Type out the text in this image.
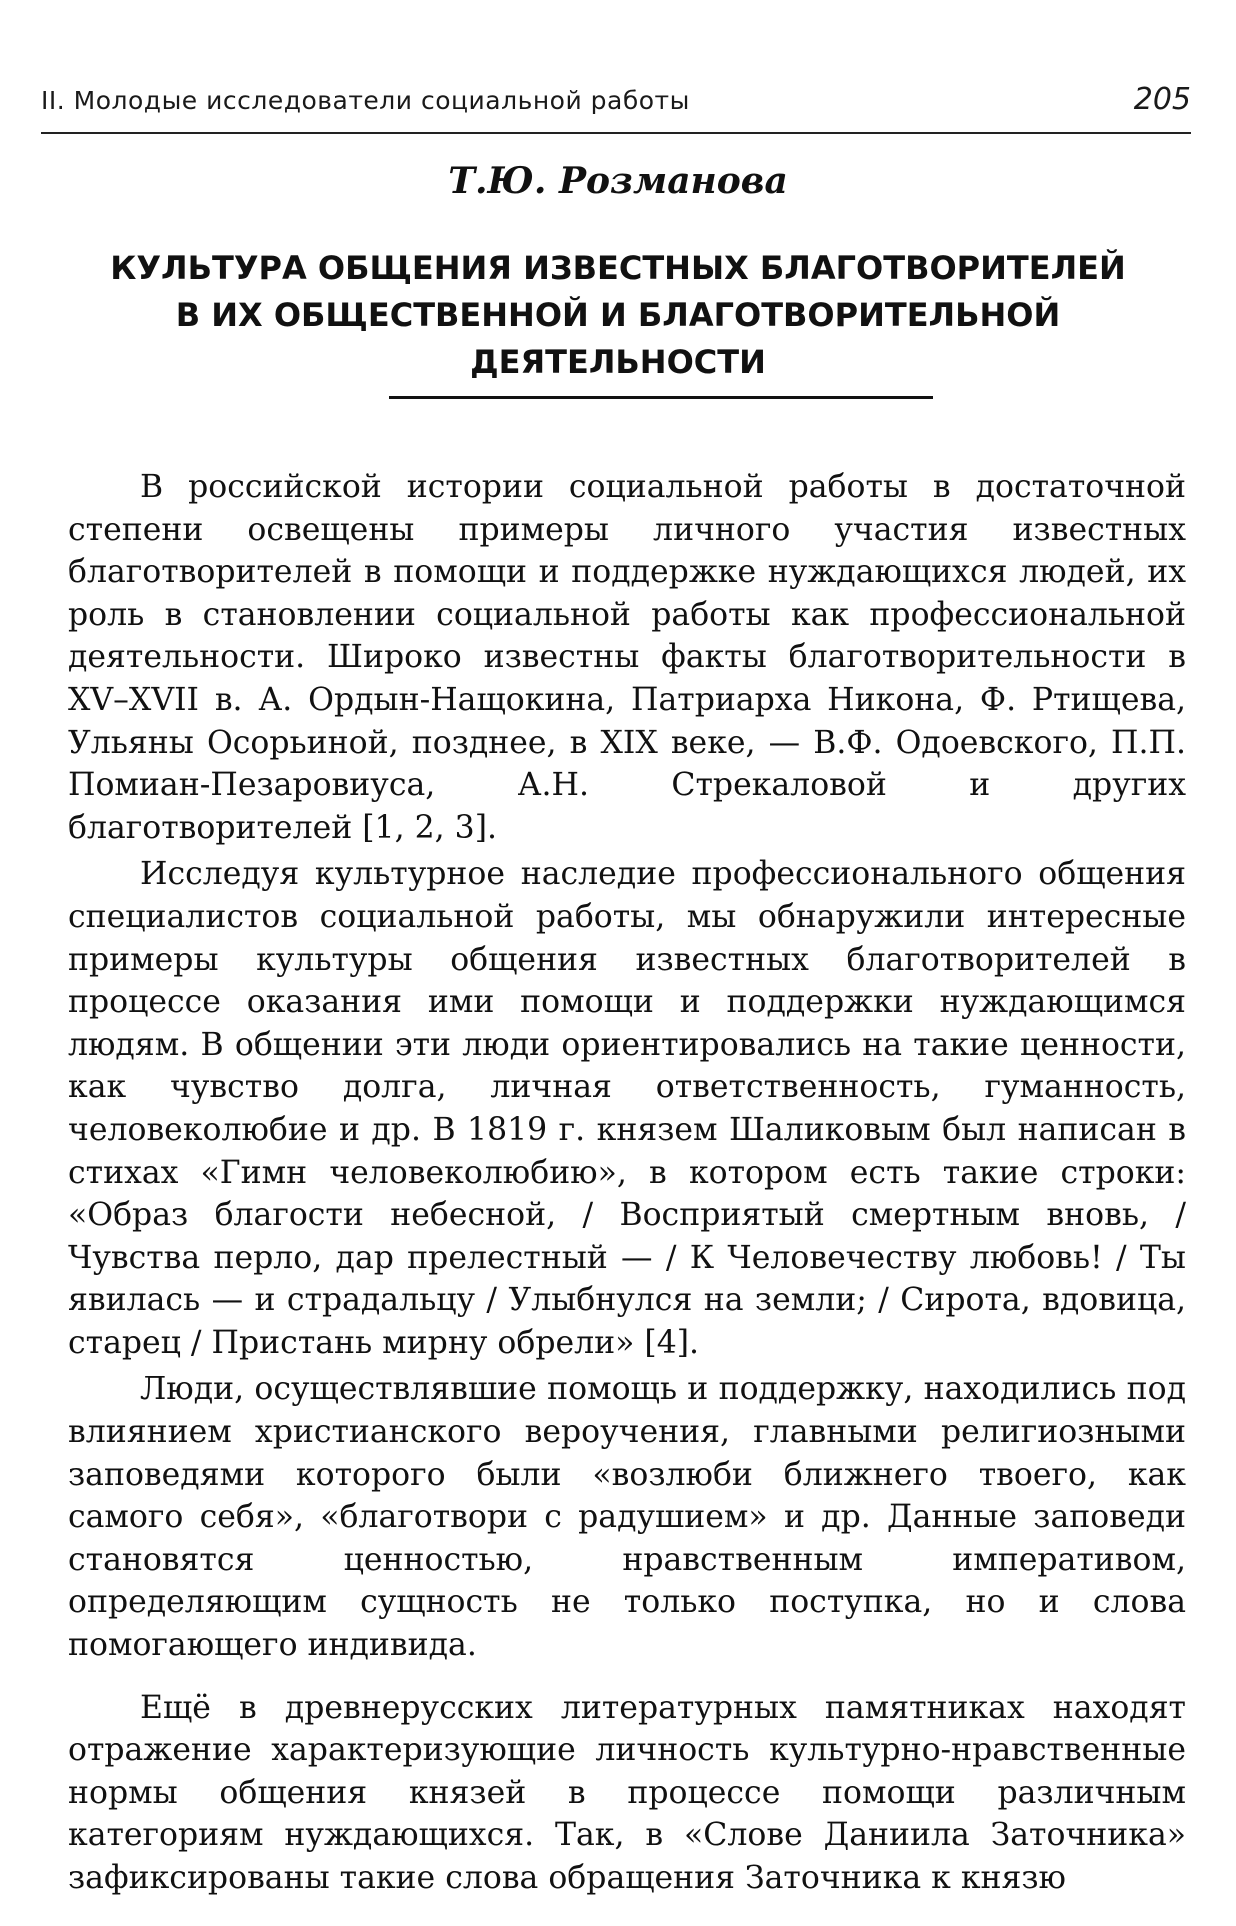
II. Молодые исследователи социальной работы	205
Т.Ю. Розманова
КУЛЬТУРА ОБЩЕНИЯ ИЗВЕСТНЫХ БЛАГОТВОРИТЕЛЕЙ
В ИХ ОБЩЕСТВЕННОЙ И БЛАГОТВОРИТЕЛЬНОЙ
ДЕЯТЕЛЬНОСТИ

В российской истории социальной работы в достаточной степени освещены примеры личного участия известных благотворителей в помощи и поддержке нуждающихся людей, их роль в становлении социальной работы как профессиональной деятельности. Широко известны факты благотворительности в XV–XVII в. А. Ордын-Нащокина, Патриарха Никона, Ф. Ртищева, Ульяны Осорьиной, позднее, в XIX веке, — В.Ф. Одоевского, П.П. Помиан-Пезаровиуса, А.Н. Стрекаловой и других благотворителей [1, 2, 3].

Исследуя культурное наследие профессионального общения специалистов социальной работы, мы обнаружили интересные примеры культуры общения известных благотворителей в процессе оказания ими помощи и поддержки нуждающимся людям. В общении эти люди ориентировались на такие ценности, как чувство долга, личная ответственность, гуманность, человеколюбие и др. В 1819 г. князем Шаликовым был написан в стихах «Гимн человеколюбию», в котором есть такие строки: «Образ благости небесной, / Восприятый смертным вновь, / Чувства перло, дар прелестный — / К Человечеству любовь! / Ты явилась — и страдальцу / Улыбнулся на земли; / Сирота, вдовица, старец / Пристань мирну обрели» [4].

Люди, осуществлявшие помощь и поддержку, находились под влиянием христианского вероучения, главными религиозными заповедями которого были «возлюби ближнего твоего, как самого себя», «благотвори с радушием» и др. Данные заповеди становятся ценностью, нравственным императивом, определяющим сущность не только поступка, но и слова помогающего индивида.

Ещё в древнерусских литературных памятниках находят отражение характеризующие личность культурно-нравственные нормы общения князей в процессе помощи различным категориям нуждающихся. Так, в «Слове Даниила Заточника» зафиксированы такие слова обращения Заточника к князю
